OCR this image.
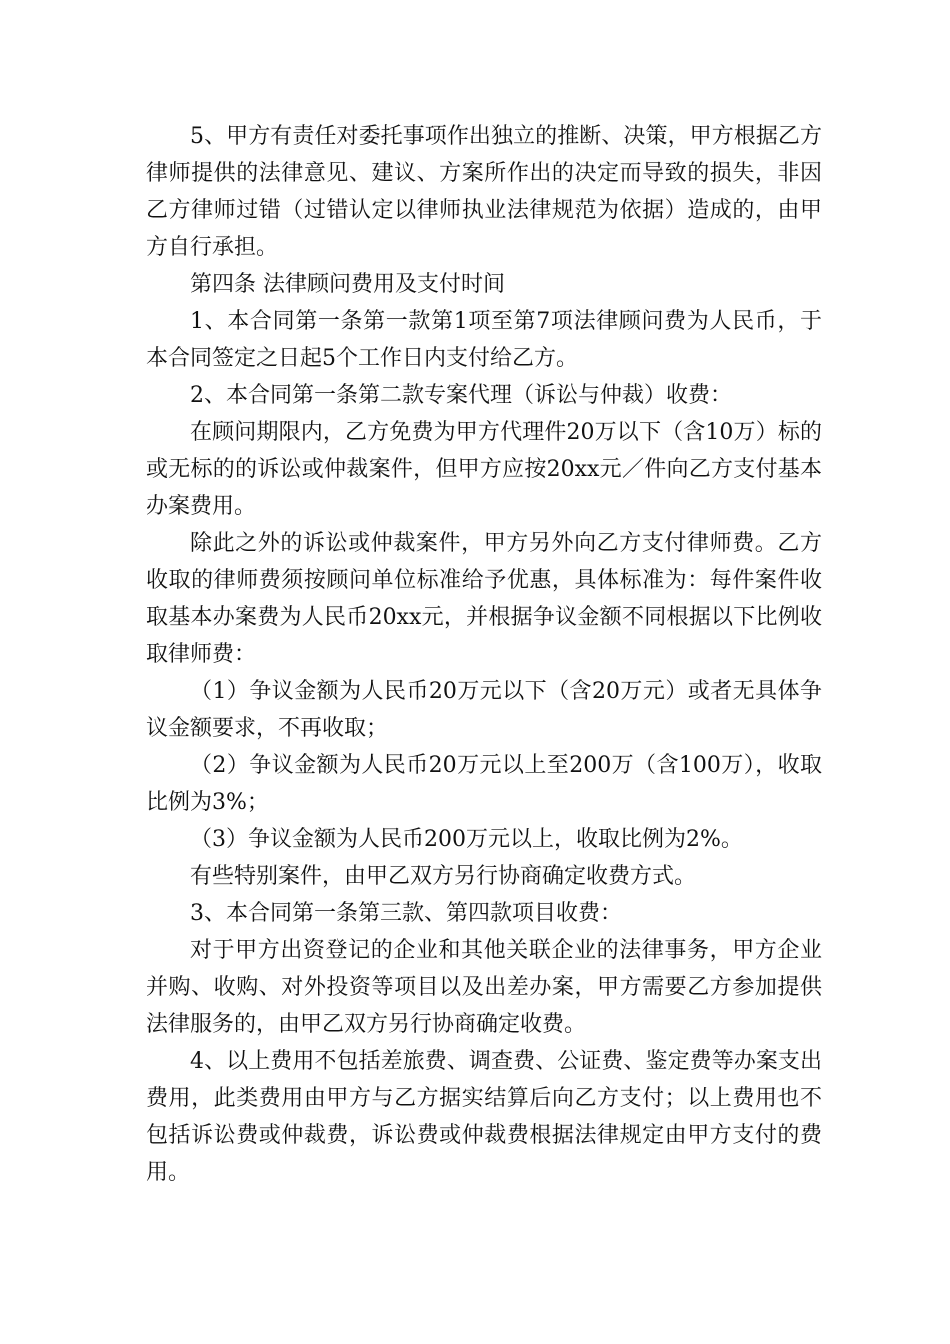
5、甲方有责任对委托事项作出独立的推断、决策，甲方根据乙方律师提供的法律意见、建议、方案所作出的决定而导致的损失，非因乙方律师过错（过错认定以律师执业法律规范为依据）造成的，由甲方自行承担。

第四条 法律顾问费用及支付时间

1、本合同第一条第一款第1项至第7项法律顾问费为人民币，于本合同签定之日起5个工作日内支付给乙方。

2、本合同第一条第二款专案代理（诉讼与仲裁）收费：

在顾问期限内，乙方免费为甲方代理件20万以下（含10万）标的或无标的的诉讼或仲裁案件，但甲方应按20xx元／件向乙方支付基本办案费用。

除此之外的诉讼或仲裁案件，甲方另外向乙方支付律师费。乙方收取的律师费须按顾问单位标准给予优惠，具体标准为：每件案件收取基本办案费为人民币20xx元，并根据争议金额不同根据以下比例收取律师费：

（1）争议金额为人民币20万元以下（含20万元）或者无具体争议金额要求，不再收取；

（2）争议金额为人民币20万元以上至200万（含100万），收取比例为3%；

（3）争议金额为人民币200万元以上，收取比例为2%。

有些特别案件，由甲乙双方另行协商确定收费方式。

3、本合同第一条第三款、第四款项目收费：

对于甲方出资登记的企业和其他关联企业的法律事务，甲方企业并购、收购、对外投资等项目以及出差办案，甲方需要乙方参加提供法律服务的，由甲乙双方另行协商确定收费。

4、以上费用不包括差旅费、调查费、公证费、鉴定费等办案支出费用，此类费用由甲方与乙方据实结算后向乙方支付；以上费用也不包括诉讼费或仲裁费，诉讼费或仲裁费根据法律规定由甲方支付的费用。
